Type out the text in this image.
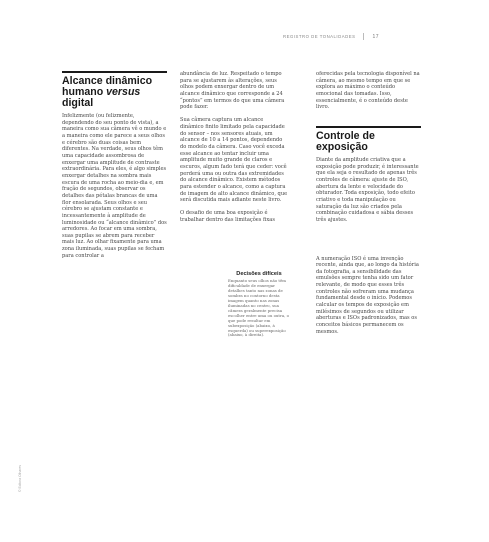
REGISTRO DE TONALIDADES	17
Alcance dinâmico humano versus digital

Infelizmente (ou felizmente, dependendo do seu ponto de vista), a maneira como sua câmera vê o mundo e a maneira como ele parece a seus olhos e cérebro são duas coisas bem diferentes. Na verdade, seus olhos têm uma capacidade assombrosa de enxergar uma amplitude de contraste extraordinária. Para eles, é algo simples enxergar detalhes na sombra mais escura de uma rocha ao meio-dia e, em fração de segundos, observar os detalhes das pétalas brancas de uma flor ensolarada. Seus olhos e seu cérebro se ajustam constante e incessantemente à amplitude de luminosidade ou “alcance dinâmico” dos arredores. Ao focar em uma sombra, suas pupilas se abrem para receber mais luz. Ao olhar fixamente para uma zona iluminada, suas pupilas se fecham para controlar a

abundância de luz. Respeitado o tempo para se ajustarem às alterações, seus olhos podem enxergar dentro de um alcance dinâmico que corresponde a 24 “pontos” em termos do que uma câmera pode fazer.

Sua câmera captura um alcance dinâmico finito limitado pela capacidade do sensor – nos sensores atuais, um alcance de 10 a 14 pontos, dependendo do modelo da câmera. Caso você exceda esse alcance ao tentar incluir uma amplitude muito grande de claros e escuros, algum fado terá que ceder: você perderá uma ou outra das extremidades do alcance dinâmico. Existem métodos para estender o alcance, como a captura de imagem de alto alcance dinâmico, que será discutida mais adiante neste livro.

O desafio de uma boa exposição é trabalhar dentro das limitações fixas

Decisões difíceis

Enquanto seus olhos não têm dificuldade de enxergar detalhes tanto nas zonas de sombra no contorno desta imagem quanto nas zonas iluminadas no centro, sua câmera geralmente precisa escolher entre uma ou outra, o que pode resultar em subexposição (abaixo, à esquerda) ou superexposição (abaixo, à direita).

oferecidas pela tecnologia disponível na câmera, ao mesmo tempo em que se explora ao máximo o conteúdo emocional das tomadas. Isso, essencialmente, é o conteúdo deste livro.

Controle de exposição

Diante da amplitude criativa que a exposição pode produzir, é interessante que ela seja o resultado de apenas três controles de câmera: ajuste de ISO, abertura da lente e velocidade do obturador. Toda exposição, todo efeito criativo e toda manipulação ou saturação da luz são criados pela combinação cuidadosa e sábia desses três ajustes.

A numeração ISO é uma invenção recente, ainda que, ao longo da história da fotografia, a sensibilidade das emulsões sempre tenha sido um fator relevante, de modo que esses três controles não sofreram uma mudança fundamental desde o início. Podemos calcular os tempos de exposição em milésimos de segundos ou utilizar aberturas e ISOs padronizados, mas os conceitos básicos permanecem os mesmos.

© Editora Olhares
